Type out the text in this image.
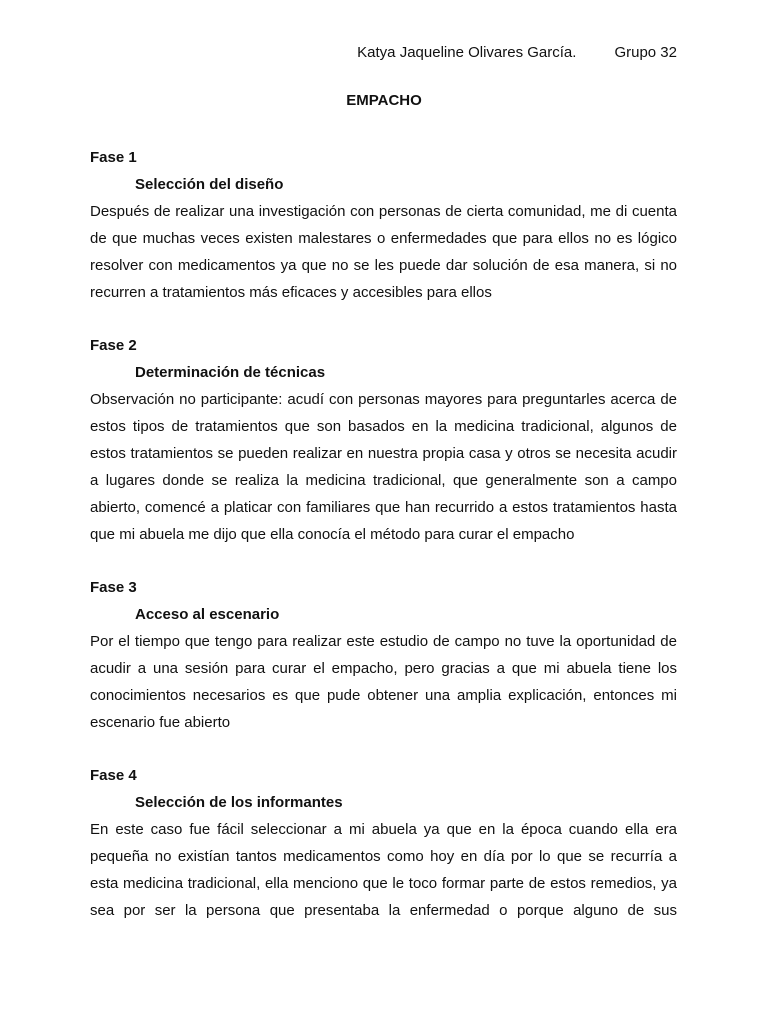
Katya Jaqueline Olivares García.	Grupo 32
EMPACHO
Fase 1
Selección del diseño

Después de realizar una investigación con personas de cierta comunidad, me di cuenta

de que muchas veces existen malestares o enfermedades que para ellos no es lógico

resolver con medicamentos ya que no se les puede dar solución de esa manera, si no

recurren a tratamientos más eficaces y accesibles para ellos

Fase 2
Determinación de técnicas

Observación no participante: acudí con personas mayores para preguntarles acerca de

estos tipos de tratamientos que son basados en la medicina tradicional, algunos de

estos tratamientos se pueden realizar en nuestra propia casa y otros se necesita acudir

a lugares donde se realiza la medicina tradicional, que generalmente son a campo

abierto, comencé a platicar con familiares que han recurrido a estos tratamientos hasta

que mi abuela me dijo que ella conocía el método para curar el empacho

Fase 3
Acceso al escenario

Por el tiempo que tengo para realizar este estudio de campo no tuve la oportunidad de

acudir a una sesión para curar el empacho, pero gracias a que mi abuela tiene los

conocimientos necesarios es que pude obtener una amplia explicación, entonces mi

escenario fue abierto

Fase 4
Selección de los informantes

En este caso fue fácil seleccionar a mi abuela ya que en la época cuando ella era

pequeña no existían tantos medicamentos como hoy en día por lo que se recurría a

esta medicina tradicional, ella menciono que le toco formar parte de estos remedios, ya

sea por ser la persona que presentaba la enfermedad o porque alguno de sus
